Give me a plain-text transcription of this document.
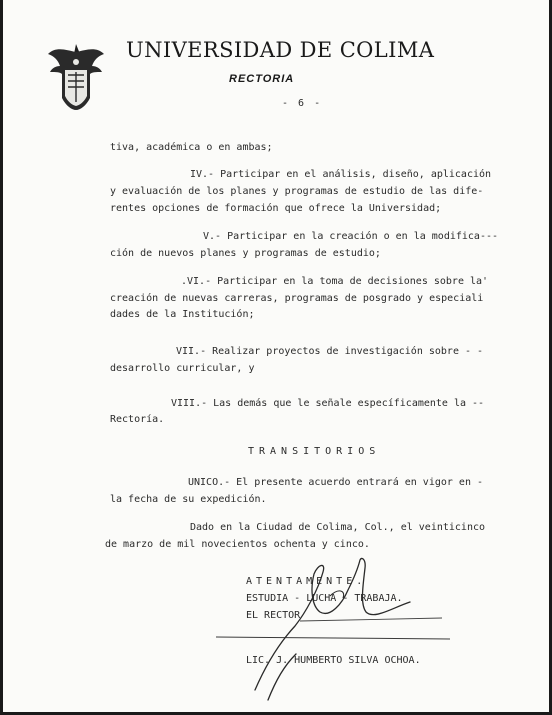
UNIVERSIDAD DE COLIMA
RECTORIA
- 6 -
tiva, académica o en ambas;
IV.- Participar en el análisis, diseño, aplicación
y evaluación de los planes y programas de estudio de las dife-
rentes opciones de formación que ofrece la Universidad;
V.- Participar en la creación o en la modifica---
ción de nuevos planes y programas de estudio;
.VI.- Participar en la toma de decisiones sobre la'
creación de nuevas carreras, programas de posgrado y especiali
dades de la Institución;
VII.- Realizar proyectos de investigación sobre - -
desarrollo curricular, y
VIII.- Las demás que le señale específicamente la --
Rectoría.
TRANSITORIOS
UNICO.- El presente acuerdo entrará en vigor en -
la fecha de su expedición.
Dado en la Ciudad de Colima, Col., el veinticinco
de marzo de mil novecientos ochenta y cinco.
ATENTAMENTE.
ESTUDIA - LUCHA - TRABAJA.
EL RECTOR
LIC. J. HUMBERTO SILVA OCHOA.
